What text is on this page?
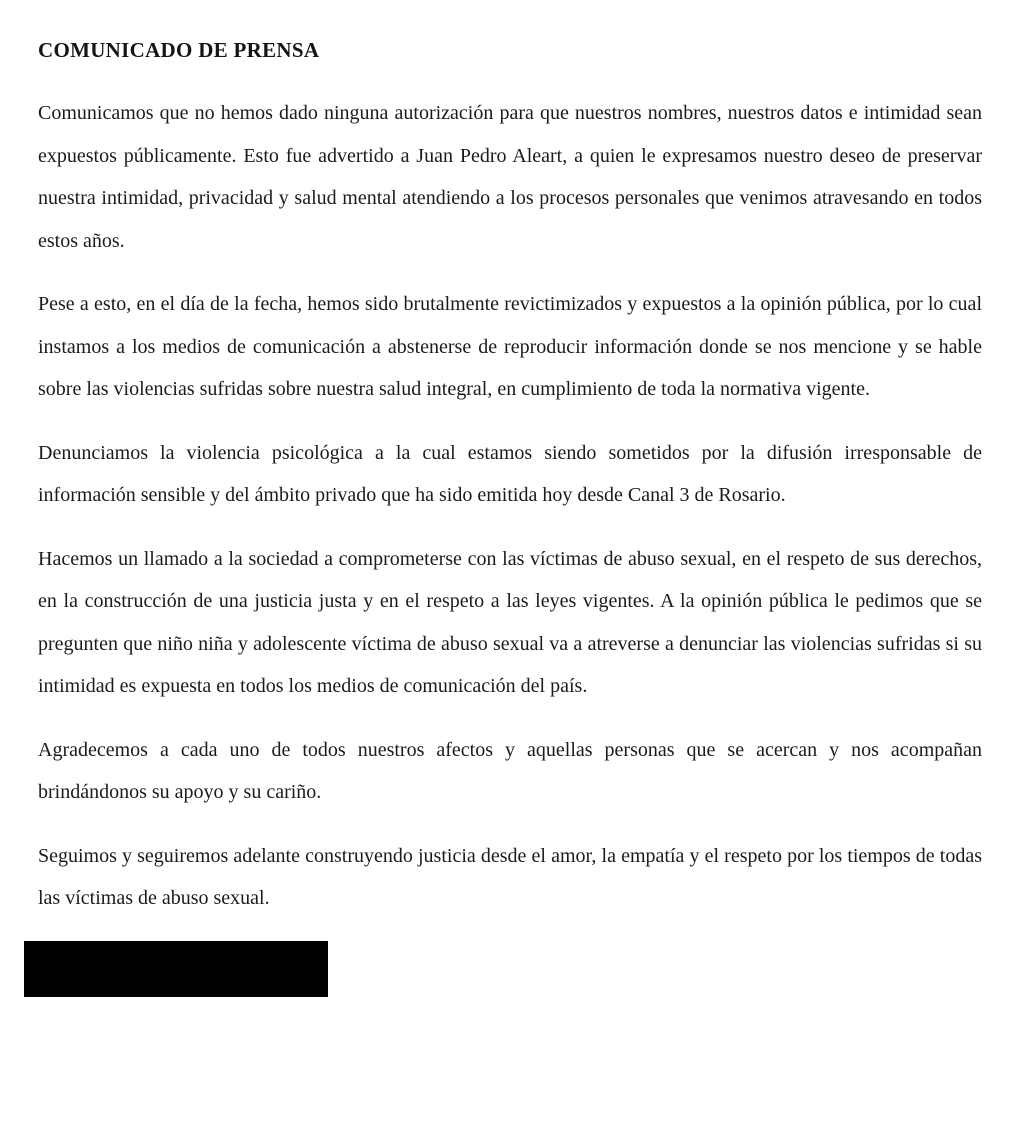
COMUNICADO DE PRENSA

Comunicamos que no hemos dado ninguna autorización para que nuestros nombres, nuestros datos e intimidad sean expuestos públicamente. Esto fue advertido a Juan Pedro Aleart, a quien le expresamos nuestro deseo de preservar nuestra intimidad, privacidad y salud mental atendiendo a los procesos personales que venimos atravesando en todos estos años.

Pese a esto, en el día de la fecha, hemos sido brutalmente revictimizados y expuestos a la opinión pública, por lo cual instamos a los medios de comunicación a abstenerse de reproducir información donde se nos mencione y se hable sobre las violencias sufridas sobre nuestra salud integral, en cumplimiento de toda la normativa vigente.

Denunciamos la violencia psicológica a la cual estamos siendo sometidos por la difusión irresponsable de información sensible y del ámbito privado que ha sido emitida hoy desde Canal 3 de Rosario.

Hacemos un llamado a la sociedad a comprometerse con las víctimas de abuso sexual, en el respeto de sus derechos, en la construcción de una justicia justa y en el respeto a las leyes vigentes. A la opinión pública le pedimos que se pregunten que niño niña y adolescente víctima de abuso sexual va a atreverse a denunciar las violencias sufridas si su intimidad es expuesta en todos los medios de comunicación del país.

Agradecemos a cada uno de todos nuestros afectos y aquellas personas que se acercan y nos acompañan brindándonos su apoyo y su cariño.

Seguimos y seguiremos adelante construyendo justicia desde el amor, la empatía y el respeto por los tiempos de todas las víctimas de abuso sexual.
